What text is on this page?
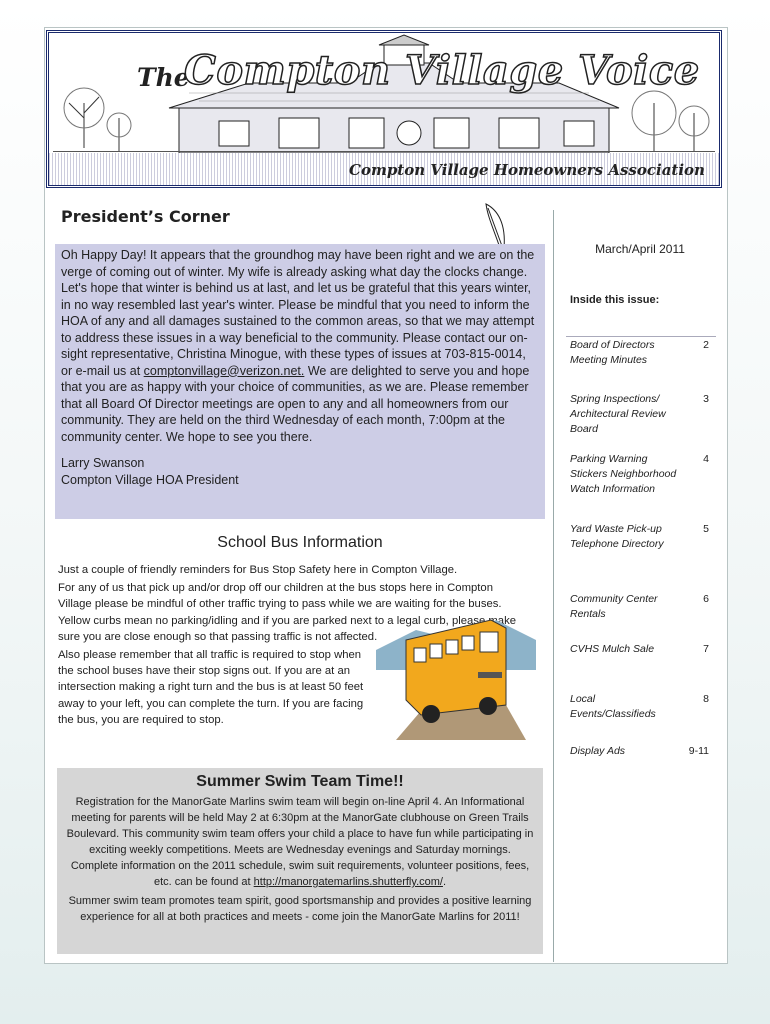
The
Compton Village Voice
Compton Village Homeowners Association
President’s Corner

Oh Happy Day! It appears that the groundhog may have been right and we are on the verge of coming out of winter. My wife is already asking what day the clocks change. Let's hope that winter is behind us at last, and let us be grateful that this years winter, in no way resembled last year's winter. Please be mindful that you need to inform the HOA of any and all damages sustained to the common areas, so that we may attempt to address these issues in a way beneficial to the community. Please contact our on-sight representative, Christina Minogue, with these types of issues at 703-815-0014, or e-mail us at comptonvillage@verizon.net. We are delighted to serve you and hope that you are as happy with your choice of communities, as we are. Please remember that all Board Of Director meetings are open to any and all homeowners from our community. They are held on the third Wednesday of each month, 7:00pm at the community center. We hope to see you there.

Larry Swanson

Compton Village HOA President

School Bus Information

Just a couple of friendly reminders for Bus Stop Safety here in Compton Village.

For any of us that pick up and/or drop off our children at the bus stops here in Compton Village please be mindful of other traffic trying to pass while we are waiting for the buses. Yellow curbs mean no parking/idling and if you are parked next to a legal curb, please make sure you are close enough so that passing traffic is not affected.

Also please remember that all traffic is required to stop when the school buses have their stop signs out. If you are at an intersection making a right turn and the bus is at least 50 feet away to your left, you can complete the turn. If you are facing the bus, you are required to stop.

Summer Swim Team Time!!

Registration for the ManorGate Marlins swim team will begin on-line April 4. An Informational meeting for parents will be held May 2 at 6:30pm at the ManorGate clubhouse on Green Trails Boulevard. This community swim team offers your child a place to have fun while participating in exciting weekly competitions. Meets are Wednesday evenings and Saturday mornings. Complete information on the 2011 schedule, swim suit requirements, volunteer positions, fees, etc. can be found at http://manorgatemarlins.shutterfly.com/.

Summer swim team promotes team spirit, good sportsmanship and provides a positive learning experience for all at both practices and meets - come join the ManorGate Marlins for 2011!

March/April 2011
Inside this issue:
Board of Directors Meeting Minutes
2
Spring Inspections/ Architectural Review Board
3
Parking Warning Stickers Neighborhood Watch Information
4
Yard Waste Pick-up Telephone Directory
5
Community Center Rentals
6
CVHS Mulch Sale	7
Local Events/Classifieds
8
Display Ads	9-11
